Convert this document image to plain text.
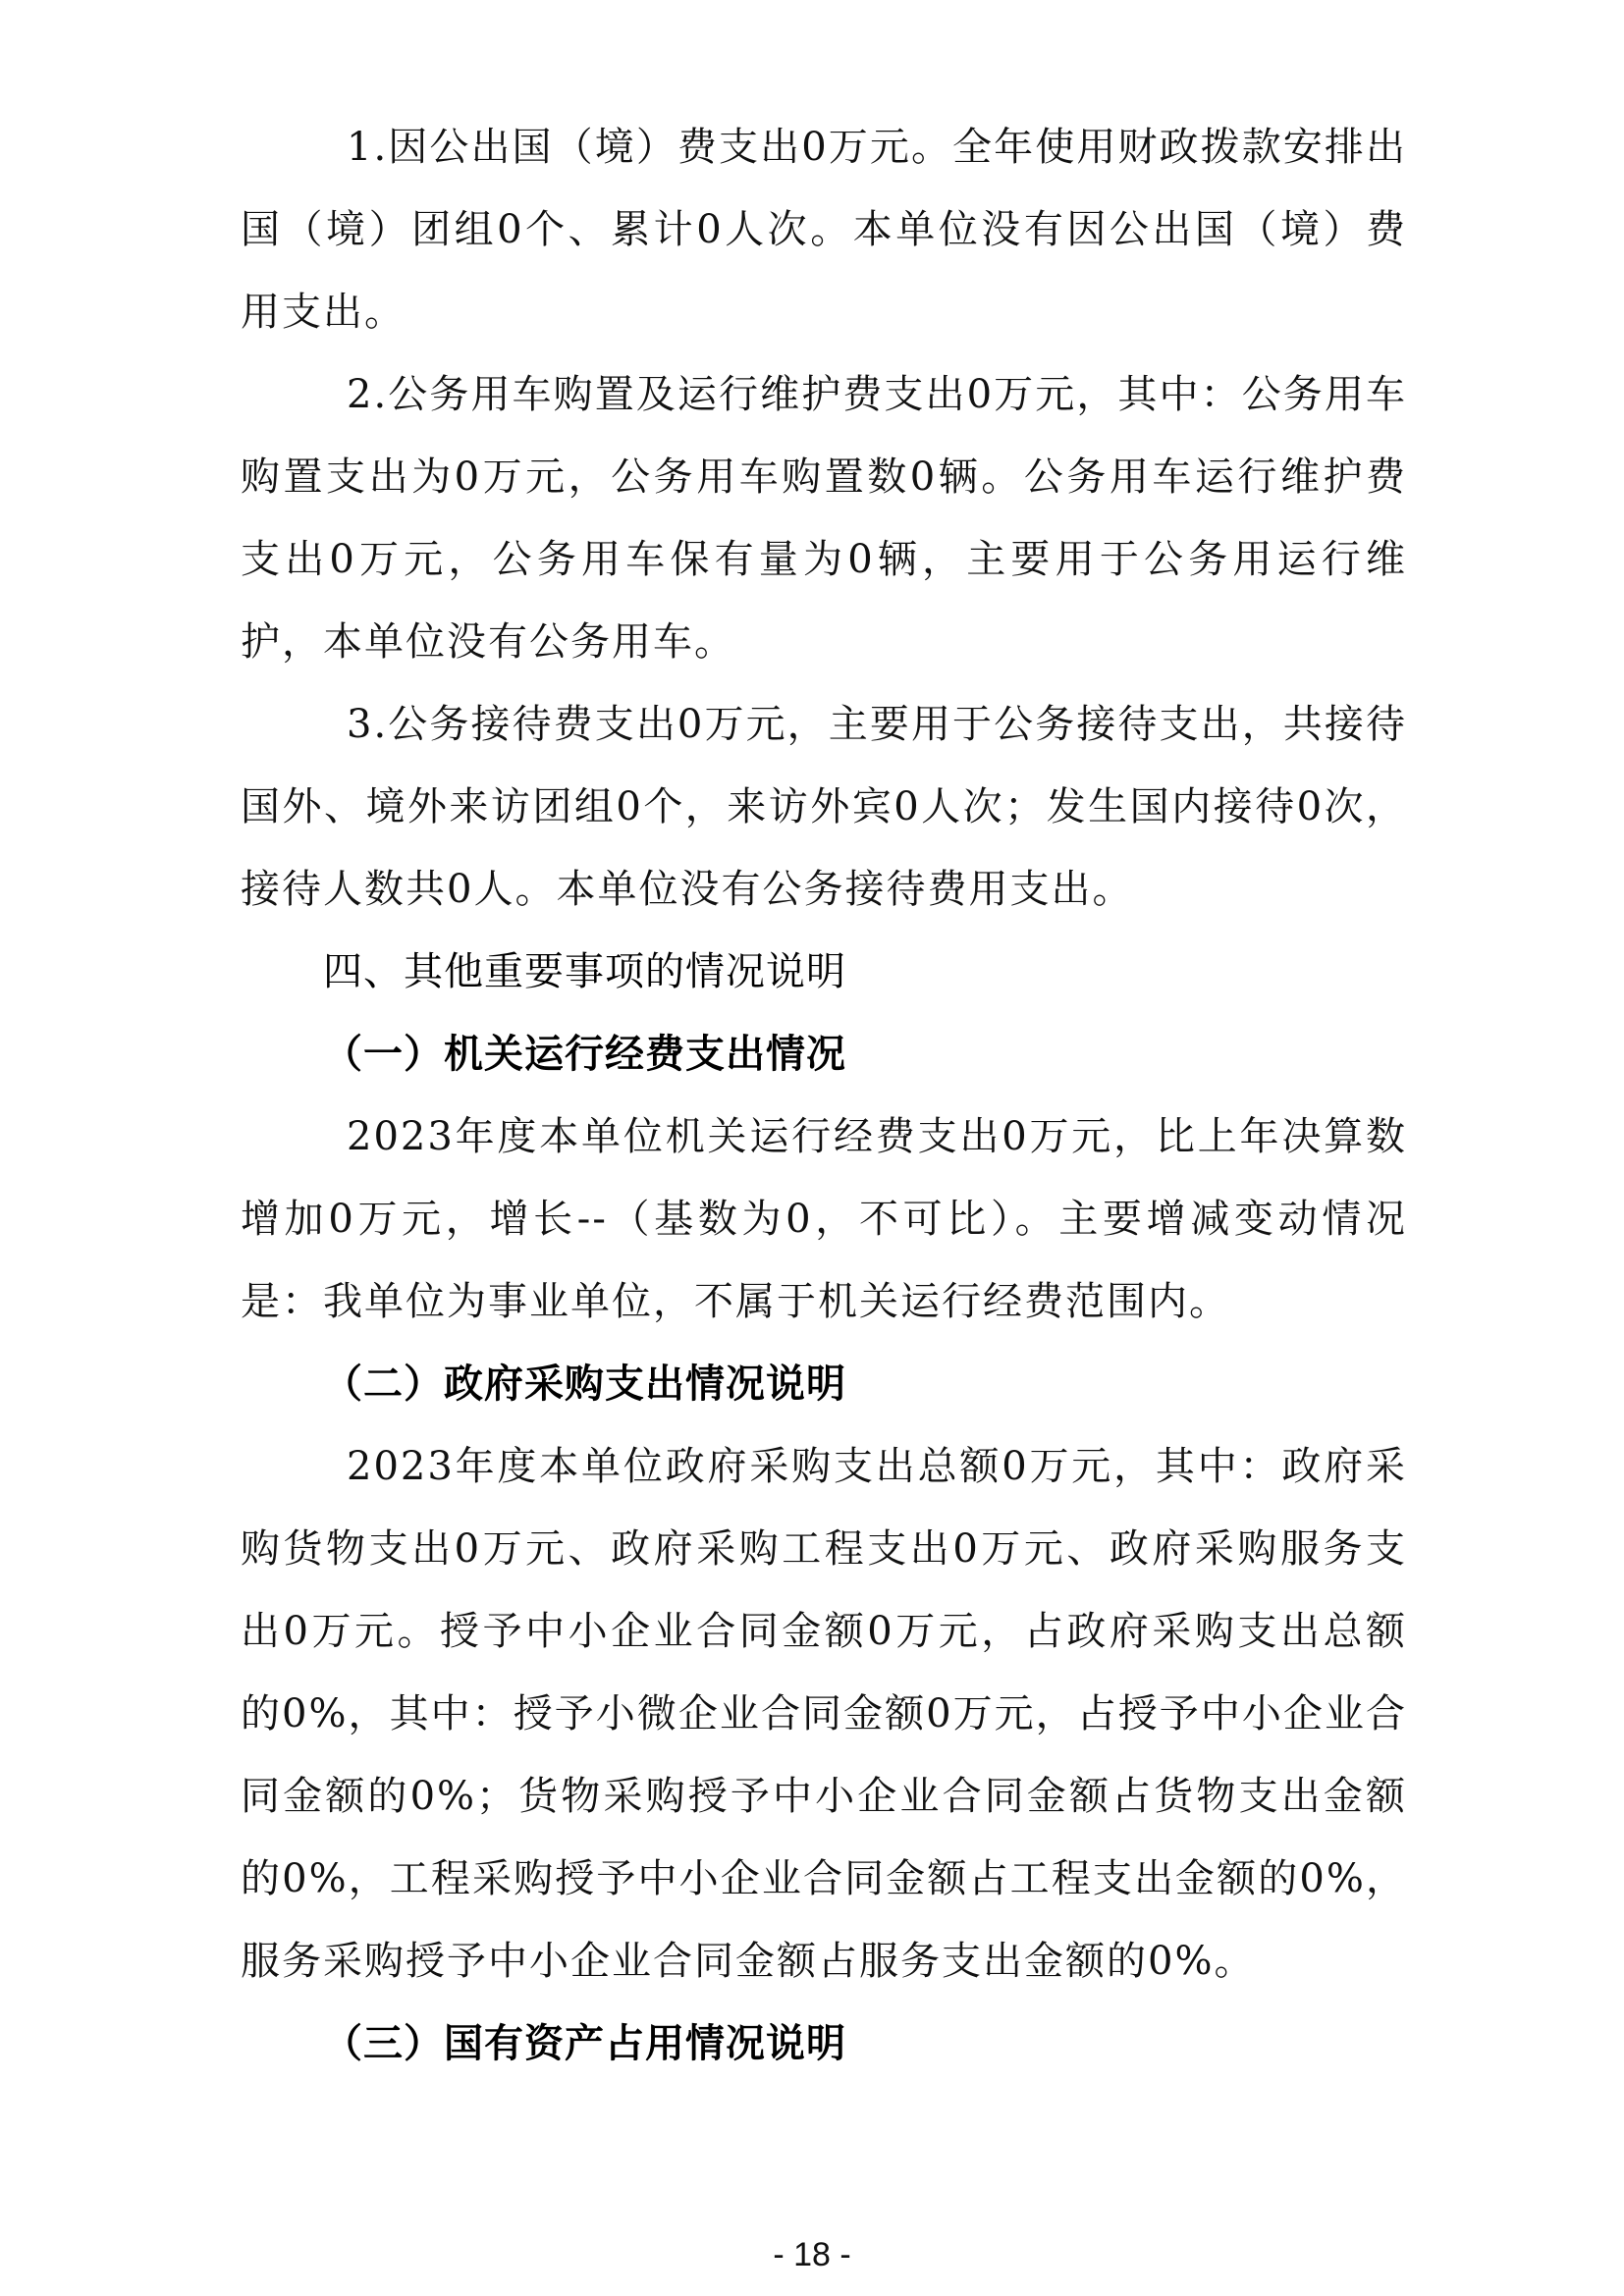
1.因公出国（境）费支出0万元。全年使用财政拨款安排出国（境）团组0个、累计0人次。本单位没有因公出国（境）费用支出。

2.公务用车购置及运行维护费支出0万元，其中：公务用车购置支出为0万元，公务用车购置数0辆。公务用车运行维护费支出0万元，公务用车保有量为0辆，主要用于公务用运行维护，本单位没有公务用车。

3.公务接待费支出0万元，主要用于公务接待支出，共接待国外、境外来访团组0个，来访外宾0人次；发生国内接待0次，接待人数共0人。本单位没有公务接待费用支出。

四、其他重要事项的情况说明
（一）机关运行经费支出情况

2023年度本单位机关运行经费支出0万元，比上年决算数增加0万元，增长--（基数为0，不可比）。主要增减变动情况是：我单位为事业单位，不属于机关运行经费范围内。

（二）政府采购支出情况说明

2023年度本单位政府采购支出总额0万元，其中：政府采购货物支出0万元、政府采购工程支出0万元、政府采购服务支出0万元。授予中小企业合同金额0万元，占政府采购支出总额的0%，其中：授予小微企业合同金额0万元，占授予中小企业合同金额的0%；货物采购授予中小企业合同金额占货物支出金额的0%，工程采购授予中小企业合同金额占工程支出金额的0%，服务采购授予中小企业合同金额占服务支出金额的0%。

（三）国有资产占用情况说明
- 18 -
